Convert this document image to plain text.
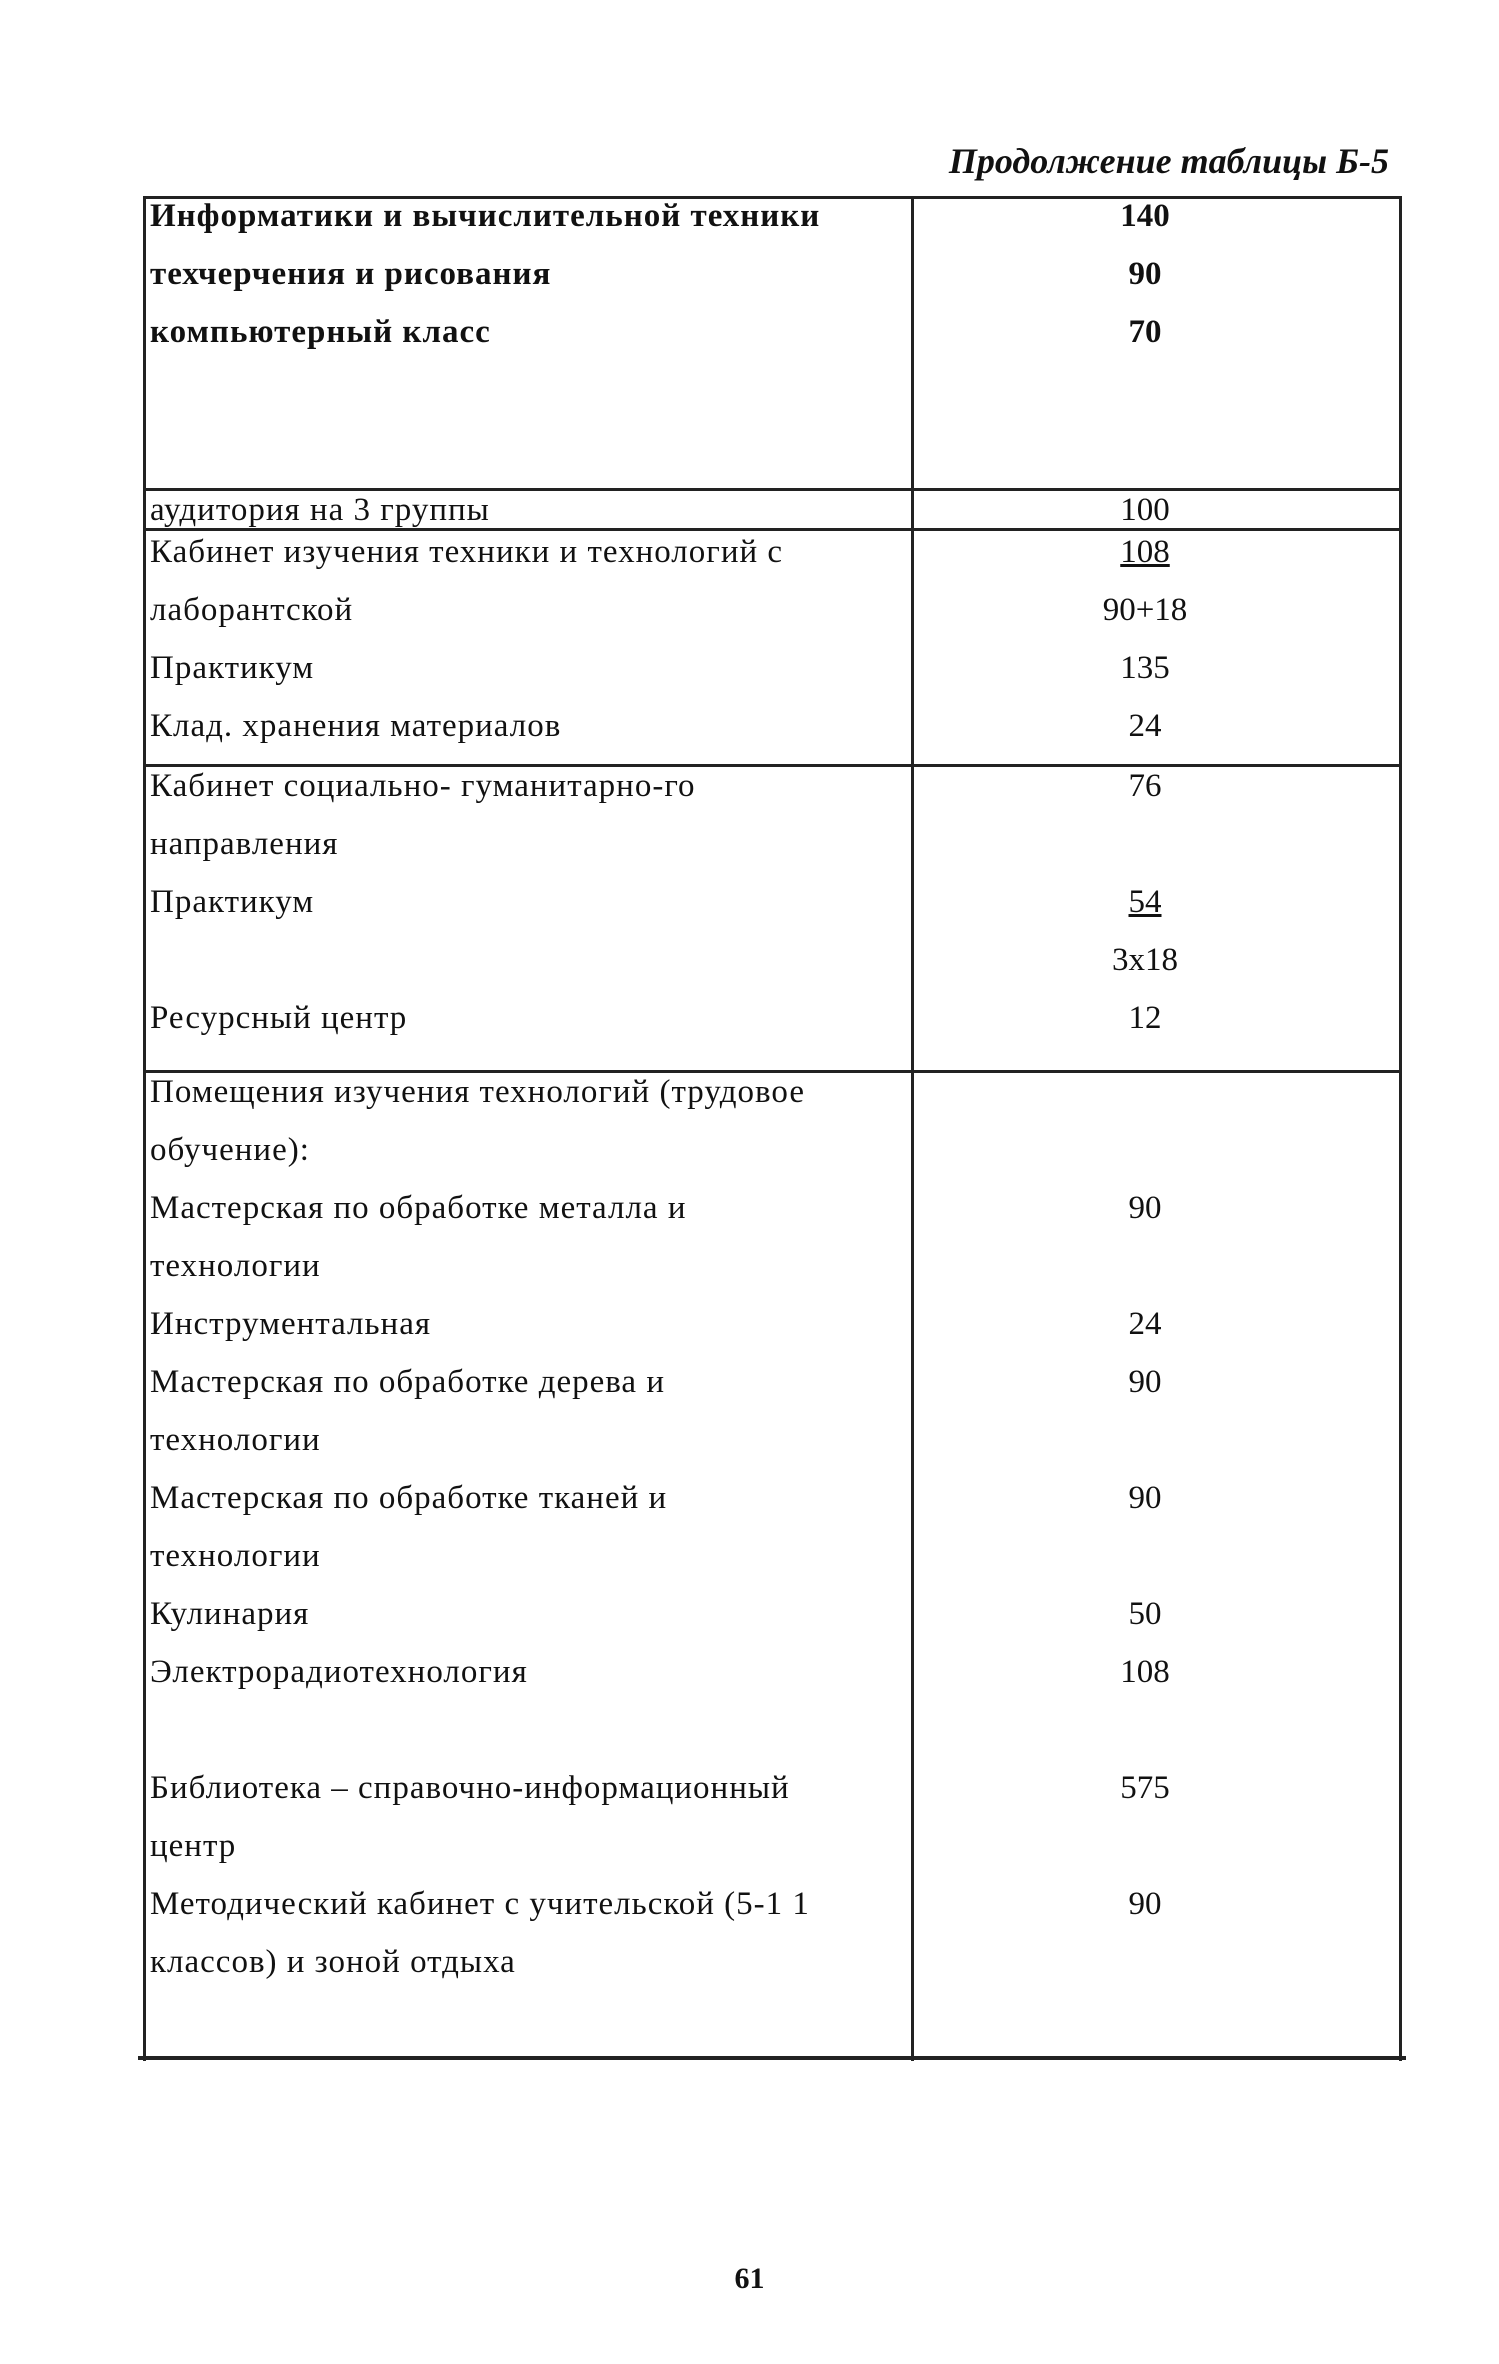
Продолжение таблицы Б-5
Информатики и вычислительной техники	140
техчерчения и рисования	90
компьютерный класс	70
аудитория на 3 группы	100
Кабинет изучения техники и технологий с	108
лаборантской	90+18
Практикум	135
Клад. хранения материалов	24
Кабинет социально- гуманитарно-го	76
направления
Практикум	54
3x18
Ресурсный центр	12
Помещения изучения технологий (трудовое
обучение):
Мастерская по обработке металла и	90
технологии
Инструментальная	24
Мастерская по обработке дерева и	90
технологии
Мастерская по обработке тканей и	90
технологии
Кулинария	50
Электрорадиотехнология	108
Библиотека – справочно-информационный	575
центр
Методический кабинет с учительской (5-1 1	90
классов) и зоной отдыха
61
